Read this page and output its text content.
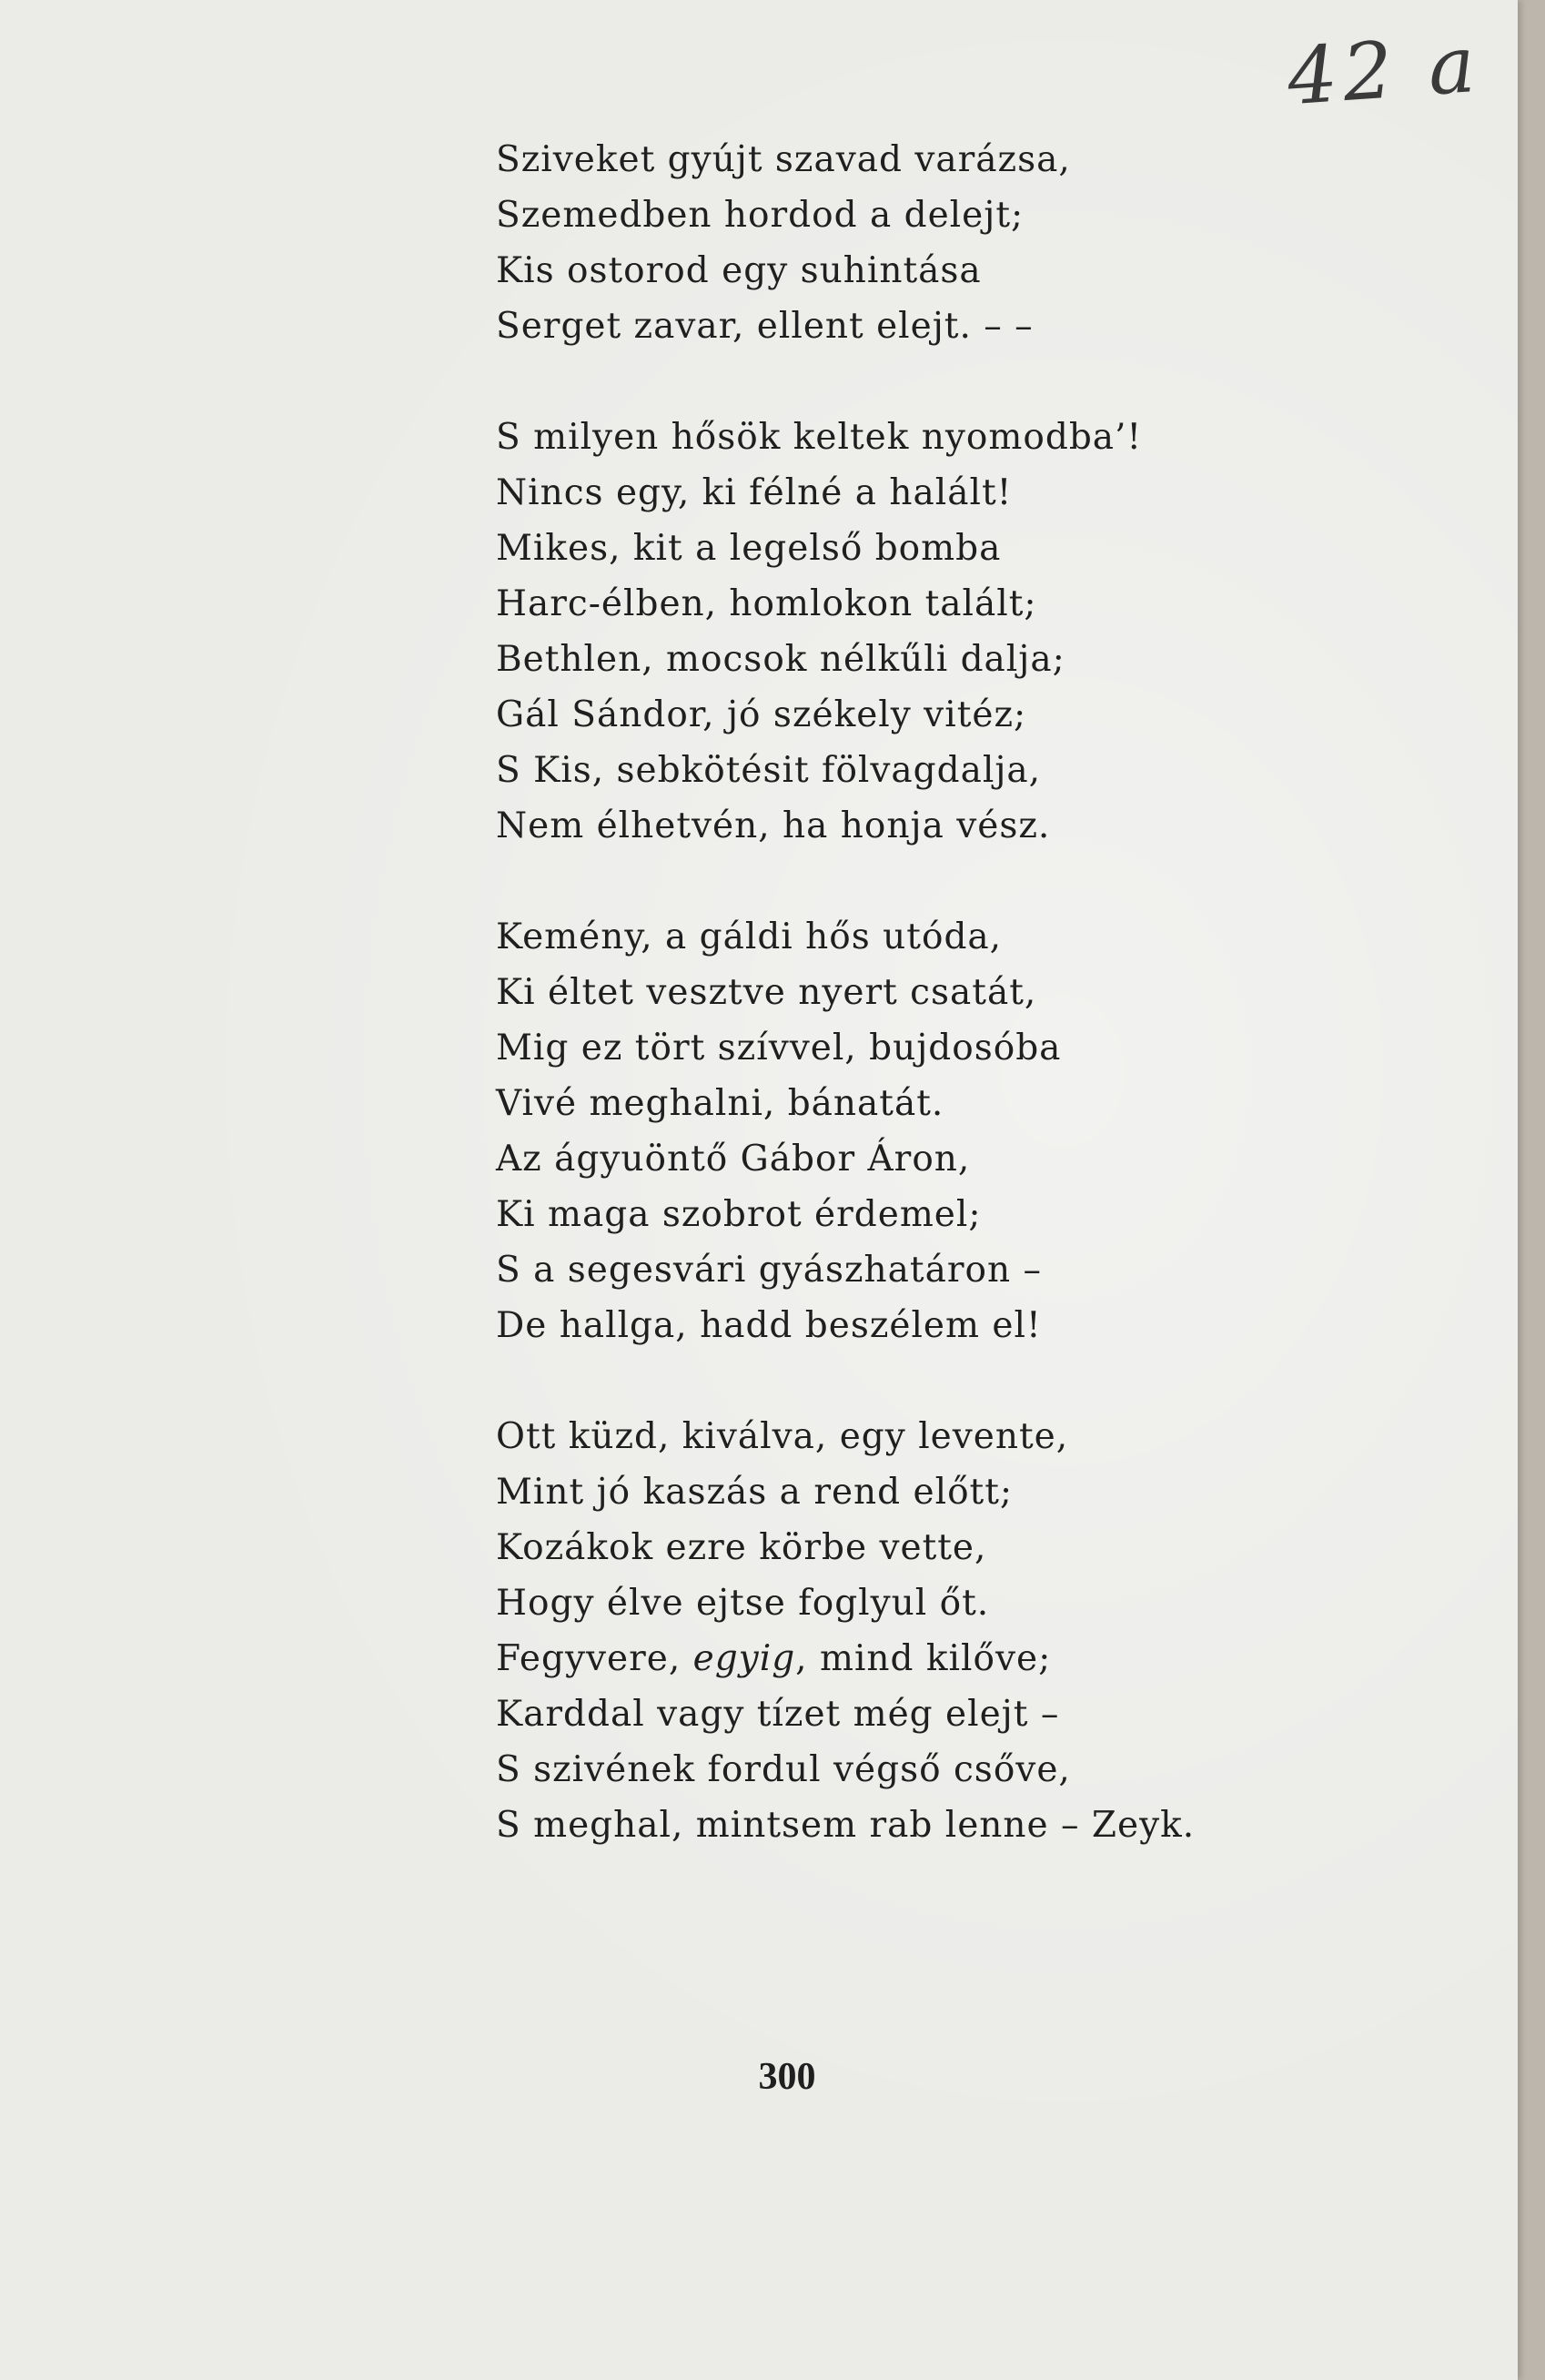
42 a
Sziveket gyújt szavad varázsa,
Szemedben hordod a delejt;
Kis ostorod egy suhintása
Serget zavar, ellent elejt. – –
S milyen hősök keltek nyomodba’!
Nincs egy, ki félné a halált!
Mikes, kit a legelső bomba
Harc-élben, homlokon talált;
Bethlen, mocsok nélkűli dalja;
Gál Sándor, jó székely vitéz;
S Kis, sebkötésit fölvagdalja,
Nem élhetvén, ha honja vész.
Kemény, a gáldi hős utóda,
Ki éltet vesztve nyert csatát,
Mig ez tört szívvel, bujdosóba
Vivé meghalni, bánatát.
Az ágyuöntő Gábor Áron,
Ki maga szobrot érdemel;
S a segesvári gyászhatáron –
De hallga, hadd beszélem el!
Ott küzd, kiválva, egy levente,
Mint jó kaszás a rend előtt;
Kozákok ezre körbe vette,
Hogy élve ejtse foglyul őt.
Fegyvere, egyig, mind kilőve;
Karddal vagy tízet még elejt –
S szivének fordul végső csőve,
S meghal, mintsem rab lenne – Zeyk.
300
